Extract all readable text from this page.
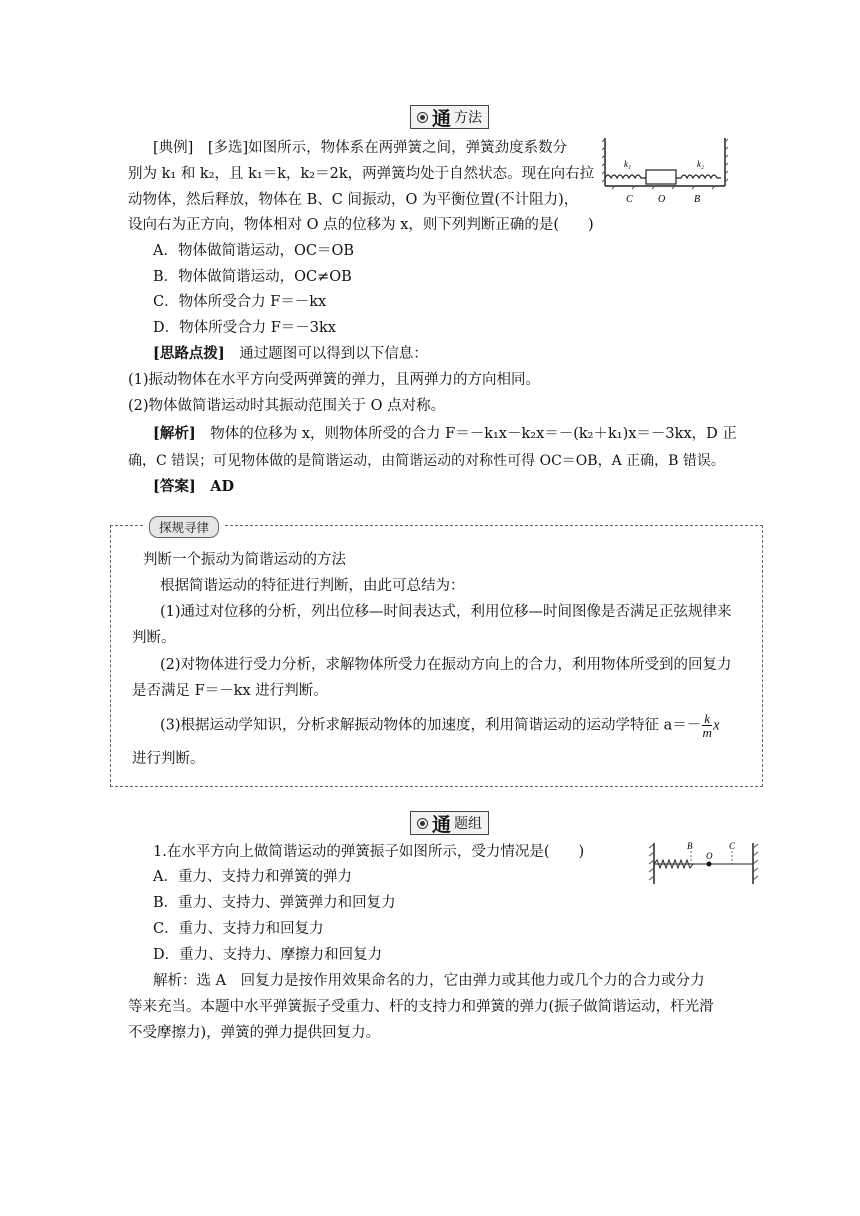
通 方法
[典例]　[多选]如图所示，物体系在两弹簧之间，弹簧劲度系数分
别为 k₁ 和 k₂，且 k₁＝k，k₂＝2k，两弹簧均处于自然状态。现在向右拉
动物体，然后释放，物体在 B、C 间振动，O 为平衡位置(不计阻力)，
设向右为正方向，物体相对 O 点的位移为 x，则下列判断正确的是(　　)
A．物体做简谐运动，OC＝OB
B．物体做简谐运动，OC≠OB
C．物体所受合力 F＝－kx
D．物体所受合力 F＝－3kx
[思路点拨]　通过题图可以得到以下信息：
(1)振动物体在水平方向受两弹簧的弹力，且两弹力的方向相同。
(2)物体做简谐运动时其振动范围关于 O 点对称。
[解析]　物体的位移为 x，则物体所受的合力 F＝－k₁x－k₂x＝－(k₂＋k₁)x＝－3kx，D 正
确，C 错误；可见物体做的是简谐运动，由简谐运动的对称性可得 OC＝OB，A 正确，B 错误。
[答案]　AD
k₁	k₂
C	O	B
探规寻律
判断一个振动为简谐运动的方法
根据简谐运动的特征进行判断，由此可总结为：
(1)通过对位移的分析，列出位移—时间表达式，利用位移—时间图像是否满足正弦规律来
判断。
(2)对物体进行受力分析，求解物体所受力在振动方向上的合力，利用物体所受到的回复力
是否满足 F＝－kx 进行判断。
(3)根据运动学知识，分析求解振动物体的加速度，利用简谐运动的运动学特征 $a=- \frac{k}{m}$ x
进行判断。
通 题组
1.在水平方向上做简谐运动的弹簧振子如图所示，受力情况是(　　)
A．重力、支持力和弹簧的弹力
B．重力、支持力、弹簧弹力和回复力
C．重力、支持力和回复力
D．重力、支持力、摩擦力和回复力
解析：选 A　回复力是按作用效果命名的力，它由弹力或其他力或几个力的合力或分力
等来充当。本题中水平弹簧振子受重力、杆的支持力和弹簧的弹力(振子做简谐运动，杆光滑
不受摩擦力)，弹簧的弹力提供回复力。
B
O
C
